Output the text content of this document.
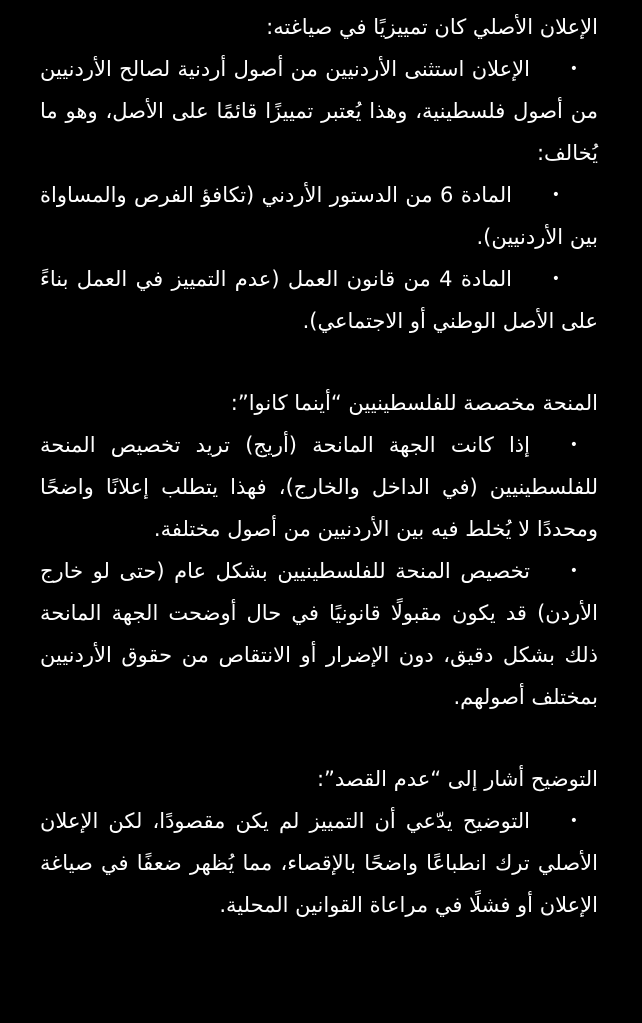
الإعلان الأصلي كان تمييزيًا في صياغته:

•
الإعلان استثنى الأردنيين من أصول أردنية لصالح الأردنيين من أصول فلسطينية، وهذا يُعتبر تمييزًا قائمًا على الأصل، وهو ما يُخالف:
•
المادة 6 من الدستور الأردني (تكافؤ الفرص والمساواة بين الأردنيين).
•
المادة 4 من قانون العمل (عدم التمييز في العمل بناءً على الأصل الوطني أو الاجتماعي).

المنحة مخصصة للفلسطينيين “أينما كانوا”:

•
إذا كانت الجهة المانحة (أريج) تريد تخصيص المنحة للفلسطينيين (في الداخل والخارج)، فهذا يتطلب إعلانًا واضحًا ومحددًا لا يُخلط فيه بين الأردنيين من أصول مختلفة.
•
تخصيص المنحة للفلسطينيين بشكل عام (حتى لو خارج الأردن) قد يكون مقبولًا قانونيًا في حال أوضحت الجهة المانحة ذلك بشكل دقيق، دون الإضرار أو الانتقاص من حقوق الأردنيين بمختلف أصولهم.

التوضيح أشار إلى “عدم القصد”:

•
التوضيح يدّعي أن التمييز لم يكن مقصودًا، لكن الإعلان الأصلي ترك انطباعًا واضحًا بالإقصاء، مما يُظهر ضعفًا في صياغة الإعلان أو فشلًا في مراعاة القوانين المحلية.
